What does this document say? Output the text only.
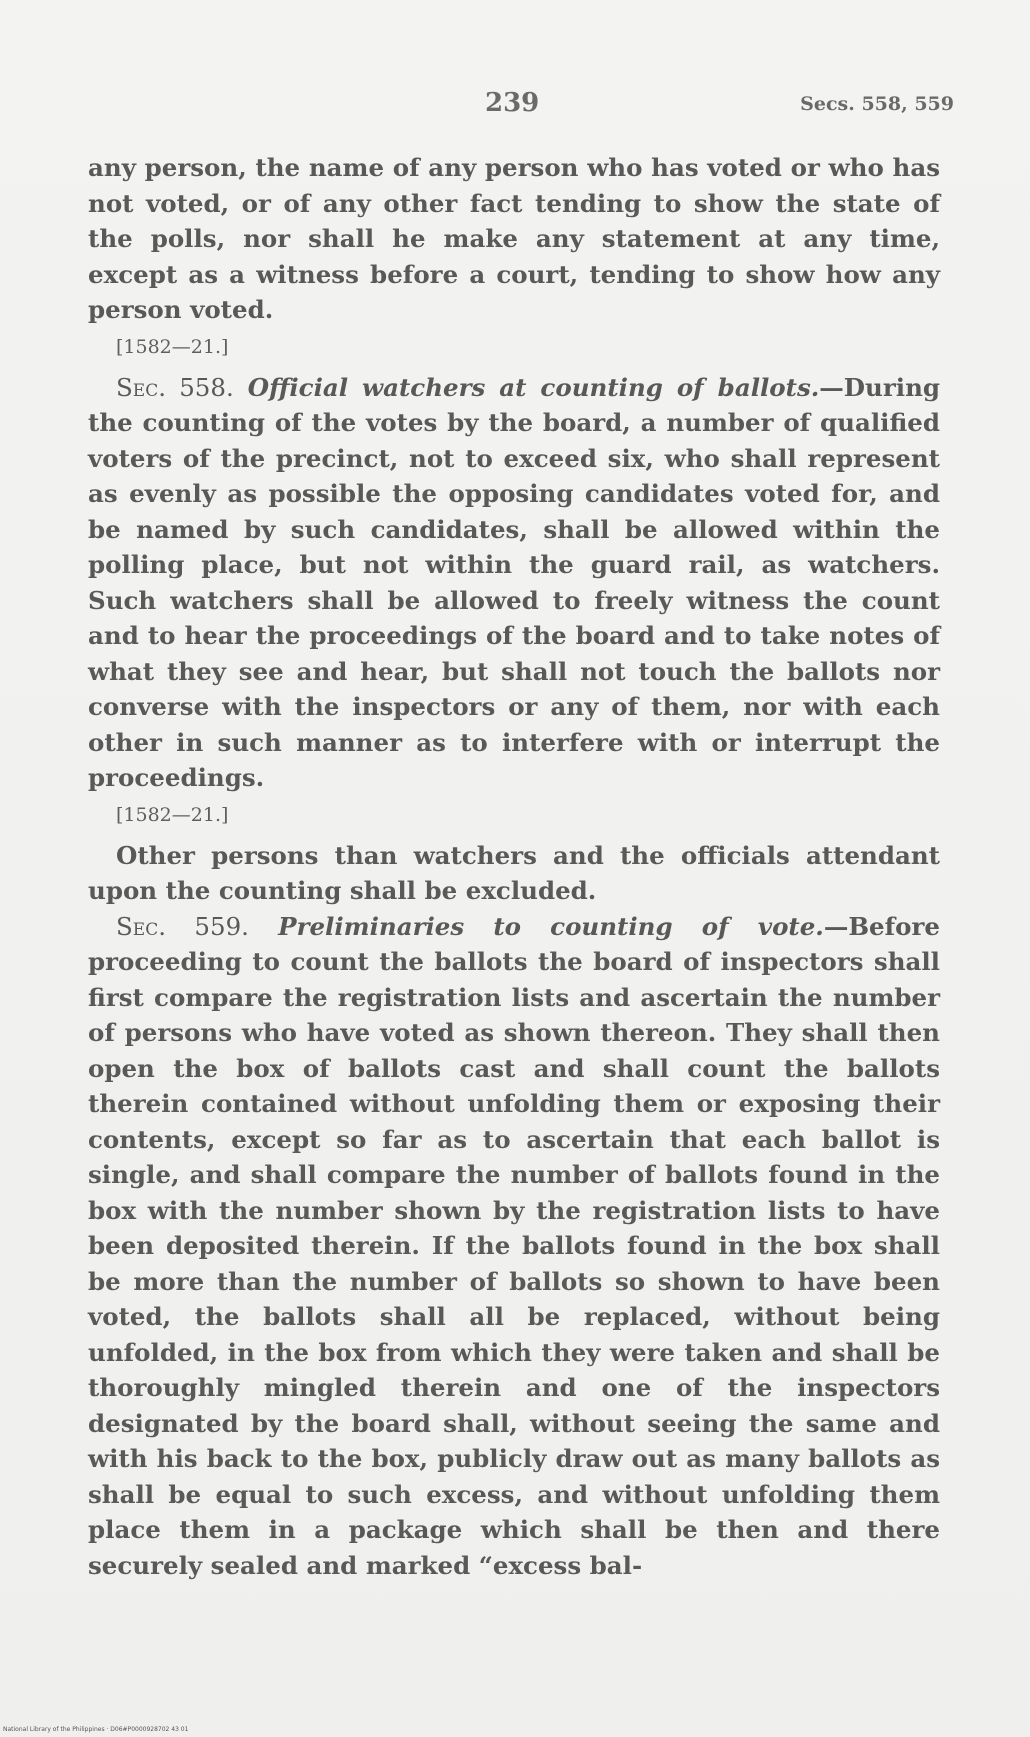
239	Secs. 558, 559

any person, the name of any person who has voted or who has not voted, or of any other fact tending to show the state of the polls, nor shall he make any statement at any time, except as a witness before a court, tending to show how any person voted.

[1582—21.]

Sec. 558. Official watchers at counting of ballots.—During the counting of the votes by the board, a number of qualified voters of the precinct, not to exceed six, who shall represent as evenly as possible the opposing candidates voted for, and be named by such candidates, shall be allowed within the polling place, but not within the guard rail, as watchers. Such watchers shall be allowed to freely witness the count and to hear the proceedings of the board and to take notes of what they see and hear, but shall not touch the ballots nor converse with the inspectors or any of them, nor with each other in such manner as to interfere with or interrupt the proceedings.

[1582—21.]

Other persons than watchers and the officials attendant upon the counting shall be excluded.

Sec. 559. Preliminaries to counting of vote.—Before proceeding to count the ballots the board of inspectors shall first compare the registration lists and ascertain the number of persons who have voted as shown thereon. They shall then open the box of ballots cast and shall count the ballots therein contained without unfolding them or exposing their contents, except so far as to ascertain that each ballot is single, and shall compare the number of ballots found in the box with the number shown by the registration lists to have been deposited therein. If the ballots found in the box shall be more than the number of ballots so shown to have been voted, the ballots shall all be replaced, without being unfolded, in the box from which they were taken and shall be thoroughly mingled therein and one of the inspectors designated by the board shall, without seeing the same and with his back to the box, publicly draw out as many ballots as shall be equal to such excess, and without unfolding them place them in a package which shall be then and there securely sealed and marked “excess bal-

National Library of the Philippines · D06#P0000928702 43 01
